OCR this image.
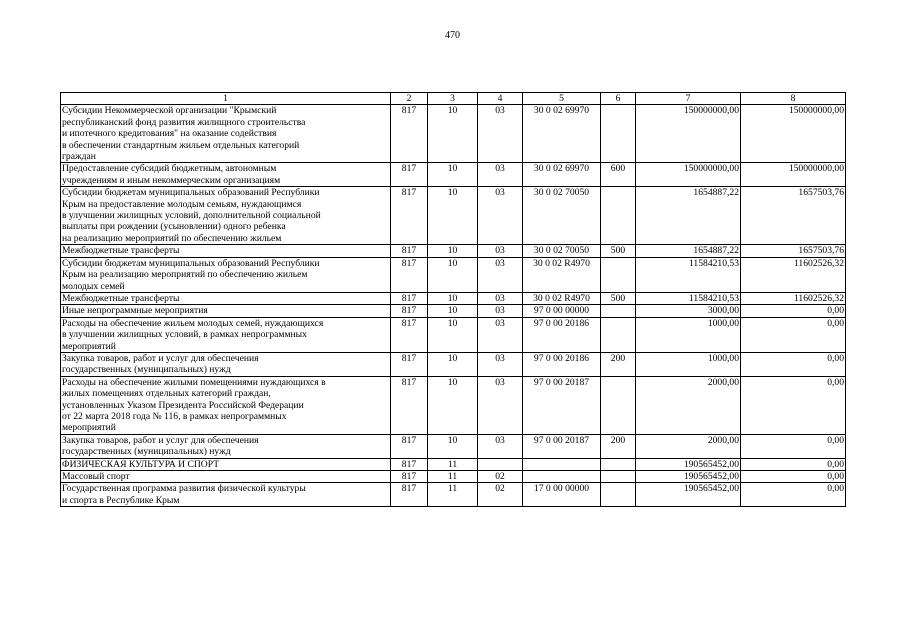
470
1	2	3	4	5	6	7	8
Субсидии Некоммерческой организации "Крымский
республиканский фонд развития жилищного строительства
и ипотечного кредитования" на оказание содействия
в обеспечении стандартным жильем отдельных категорий
граждан	817	10	03	30 0 02 69970		150000000,00	150000000,00
Предоставление субсидий бюджетным, автономным
учреждениям и иным некоммерческим организациям	817	10	03	30 0 02 69970	600	150000000,00	150000000,00
Субсидии бюджетам муниципальных образований Республики
Крым на предоставление молодым семьям, нуждающимся
в улучшении жилищных условий, дополнительной социальной
выплаты при рождении (усыновлении) одного ребенка
на реализацию мероприятий по обеспечению жильем	817	10	03	30 0 02 70050		1654887,22	1657503,76
Межбюджетные трансферты	817	10	03	30 0 02 70050	500	1654887,22	1657503,76
Субсидии бюджетам муниципальных образований Республики
Крым на реализацию мероприятий по обеспечению жильем
молодых семей	817	10	03	30 0 02 R4970		11584210,53	11602526,32
Межбюджетные трансферты	817	10	03	30 0 02 R4970	500	11584210,53	11602526,32
Иные непрограммные мероприятия	817	10	03	97 0 00 00000		3000,00	0,00
Расходы на обеспечение жильем молодых семей, нуждающихся
в улучшении жилищных условий, в рамках непрограммных
мероприятий	817	10	03	97 0 00 20186		1000,00	0,00
Закупка товаров, работ и услуг для обеспечения
государственных (муниципальных) нужд	817	10	03	97 0 00 20186	200	1000,00	0,00
Расходы на обеспечение жилыми помещениями нуждающихся в
жилых помещениях отдельных категорий граждан,
установленных Указом Президента Российской Федерации
от 22 марта 2018 года № 116, в рамках непрограммных
мероприятий	817	10	03	97 0 00 20187		2000,00	0,00
Закупка товаров, работ и услуг для обеспечения
государственных (муниципальных) нужд	817	10	03	97 0 00 20187	200	2000,00	0,00
ФИЗИЧЕСКАЯ КУЛЬТУРА И СПОРТ	817	11				190565452,00	0,00
Массовый спорт	817	11	02			190565452,00	0,00
Государственная программа развития физической культуры
и спорта в Республике Крым	817	11	02	17 0 00 00000		190565452,00	0,00
